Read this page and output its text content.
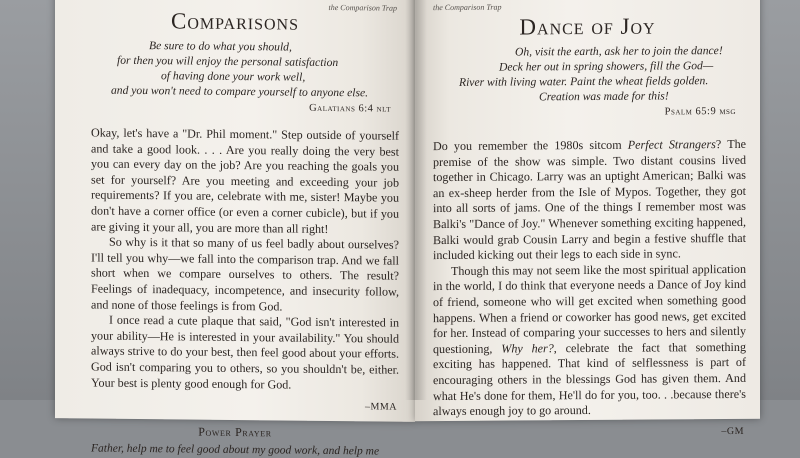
the Comparison Trap
Comparisons
Be sure to do what you should,
for then you will enjoy the personal satisfaction
of having done your work well,
and you won't need to compare yourself to anyone else.
Galatians 6:4 nlt

Okay, let's have a "Dr. Phil moment." Step outside of yourself and take a good look. . . . Are you really doing the very best you can every day on the job? Are you reaching the goals you set for yourself? Are you meeting and exceeding your job requirements? If you are, celebrate with me, sister! Maybe you don't have a corner office (or even a corner cubicle), but if you are giving it your all, you are more than all right!

So why is it that so many of us feel badly about ourselves? I'll tell you why—we fall into the comparison trap. And we fall short when we compare ourselves to others. The result? Feelings of inadequacy, incompetence, and insecurity follow, and none of those feelings is from God.

I once read a cute plaque that said, "God isn't interested in your ability—He is interested in your availability." You should always strive to do your best, then feel good about your efforts. God isn't comparing you to others, so you shouldn't be, either. Your best is plenty good enough for God.

–MMA
Power Prayer
Father, help me to feel good about my good work, and help me
the Comparison Trap
Dance of Joy
Oh, visit the earth, ask her to join the dance!
Deck her out in spring showers, fill the God—
River with living water. Paint the wheat fields golden.
Creation was made for this!
Psalm 65:9 msg

Do you remember the 1980s sitcom Perfect Strangers? The premise of the show was simple. Two distant cousins lived together in Chicago. Larry was an uptight American; Balki was an ex-sheep herder from the Isle of Mypos. Together, they got into all sorts of jams. One of the things I remember most was Balki's "Dance of Joy." Whenever something exciting happened, Balki would grab Cousin Larry and begin a festive shuffle that included kicking out their legs to each side in sync.

Though this may not seem like the most spiritual application in the world, I do think that everyone needs a Dance of Joy kind of friend, someone who will get excited when something good happens. When a friend or coworker has good news, get excited for her. Instead of comparing your successes to hers and silently questioning, Why her?, celebrate the fact that something exciting has happened. That kind of selflessness is part of encouraging others in the blessings God has given them. And what He's done for them, He'll do for you, too. . .because there's always enough joy to go around.

–GM
